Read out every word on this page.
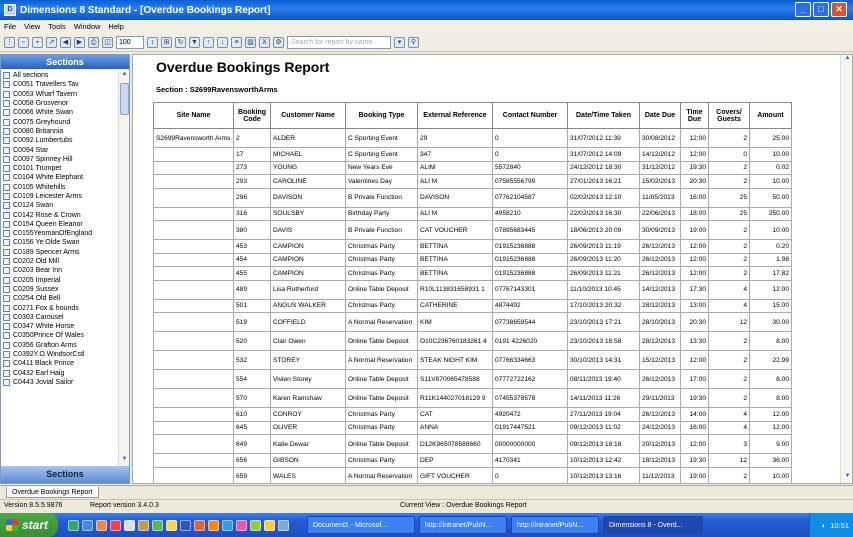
D Dimensions 8 Standard - [Overdue Bookings Report]	_	□	✕
File View Tools Window Help
⋮	▫	▪	↗	◀	▶	⎙	◫	100	↕	⊞	↻	▼	↑	↓	≡	▥	X	⚙	Search for report by name	▾	⚲
Sections
All sections
C0051 Travellers Tav
C0053 Wharf Tavern
C0058 Grosvenor
C0066 White Swan
C0075 Greyhound
C0080 Britannia
C0092 Lumbertubs
C0094 Star
C0097 Spinney Hill
C0101 Trumpet
C0104 White Elephant
C0105 Whitehills
C0109 Leicester Arms
C0124 Swan
C0142 Rose & Crown
C0154 Queen Eleanor
C0155YeomanOfEngland
C0156 Ye Olde Swan
C0189 Spencer Arms
C0202 Old Mill
C0203 Bear Inn
C0205 Imperial
C0209 Sussex
C0254 Old Bell
C0271 Fox & hounds
C0303 Carousel
C0347 White Horse
C0350Prince Of Wales
C0356 Grafton Arms
C0392Y.O.WindsorCstl
C0411 Black Prince
C0432 Earl Haig
C0443 Jovial Sailor
▲
▼
Sections
Overdue Bookings Report
Section : S2699RavensworthArms
Site Name	Booking Code	Customer Name	Booking Type	External Reference	Contact Number	Date/Time Taken	Date Due	Time Due	Covers/ Guests	Amount
S2699Ravensworth Arms	2	ALDER	C Sporting Event	29	0	31/07/2012 11:39	30/08/2012	12:00	2	25.00
	17	MICHAEL	C Sporting Event	347	0	31/07/2012 14:09	14/12/2012	12:00	0	10.00
	273	YOUNG	New Years Eve	ALIM	5572840	24/12/2012 18:30	31/12/2012	19:30	2	0.02
	293	CAROLINE	Valentines Day	ALI M	07585556799	27/01/2013 16:21	15/02/2013	20:30	2	10.00
	296	DAVISON	B Private Function	DAVISON	07762104587	02/02/2013 12:10	11/05/2013	16:00	25	50.00
	316	SOULSBY	Birthday Party	ALI M	4958210	22/02/2013 16:30	22/06/2013	18:00	25	250.00
	380	DAVIS	B Private Function	CAT VOUCHER	07895683445	18/06/2013 20:09	30/09/2013	19:00	2	10.00
	453	CAMPION	Christmas Party	BETTINA	01915236888	26/09/2013 11:19	26/12/2013	12:00	2	0.20
	454	CAMPION	Christmas Party	BETTINA	01915236888	26/09/2013 11:20	26/12/2013	12:00	2	1.98
	455	CAMPION	Christmas Party	BETTINA	01915236888	26/09/2013 11:21	26/12/2013	12:00	2	17.82
	489	Lisa Rutherford	Online Table Deposit	R10L113831658931 1	07767143301	11/10/2013 10:45	14/12/2013	17:30	4	12.00
	501	ANGUS WALKER	Christmas Party	CATHERINE	4874492	17/10/2013 20:32	28/12/2013	13:00	4	15.00
	519	COFFIELD	A Normal Reservation	KIM	07738659544	23/10/2013 17:21	28/10/2013	20:30	12	30.00
	520	Clair Owen	Online Table Deposit	O10C236760183261 4	0191 4226020	23/10/2013 18:58	28/12/2013	13:30	2	8.00
	532	STOREY	A Normal Reservation	STEAK NIGHT KIM	07766334663	30/10/2013 14:31	15/12/2013	12:00	2	22.99
	554	Vivien Storey	Online Table Deposit	S11V870065478588	07772722162	08/11/2013 19:40	26/12/2013	17:00	2	8.00
	570	Karen Ramshaw	Online Table Deposit	R11K144027018129 9	07455378578	14/11/2013 11:26	29/11/2013	19:30	2	8.00
	610	CONROY	Christmas Party	CAT	4920472	27/11/2013 19:04	26/12/2013	14:00	4	12.00
	645	OLIVER	Christmas Party	ANNA	01917447521	09/12/2013 11:02	24/12/2013	16:00	4	12.00
	649	Katie Dewar	Online Table Deposit	D12K965078588660	00000000000	09/12/2013 18:18	20/12/2013	12:00	3	9.00
	656	GIBSON	Christmas Party	DEP	4170341	10/12/2013 12:42	18/12/2013	19:30	12	36.00
	659	WALES	A Normal Reservation	GIFT VOUCHER	0	10/12/2013 13:16	11/12/2013	19:00	2	10.00
▲
▼
Overdue Bookings Report
Version 8.5.5.9876	Report version 3.4.0.3	Current View : Overdue Bookings Report
start	Document1 - Microsof...	http://intranet/PubN...	http://intranet/PubN...	Dimensions 8 - Overd...	◐ 10:51
